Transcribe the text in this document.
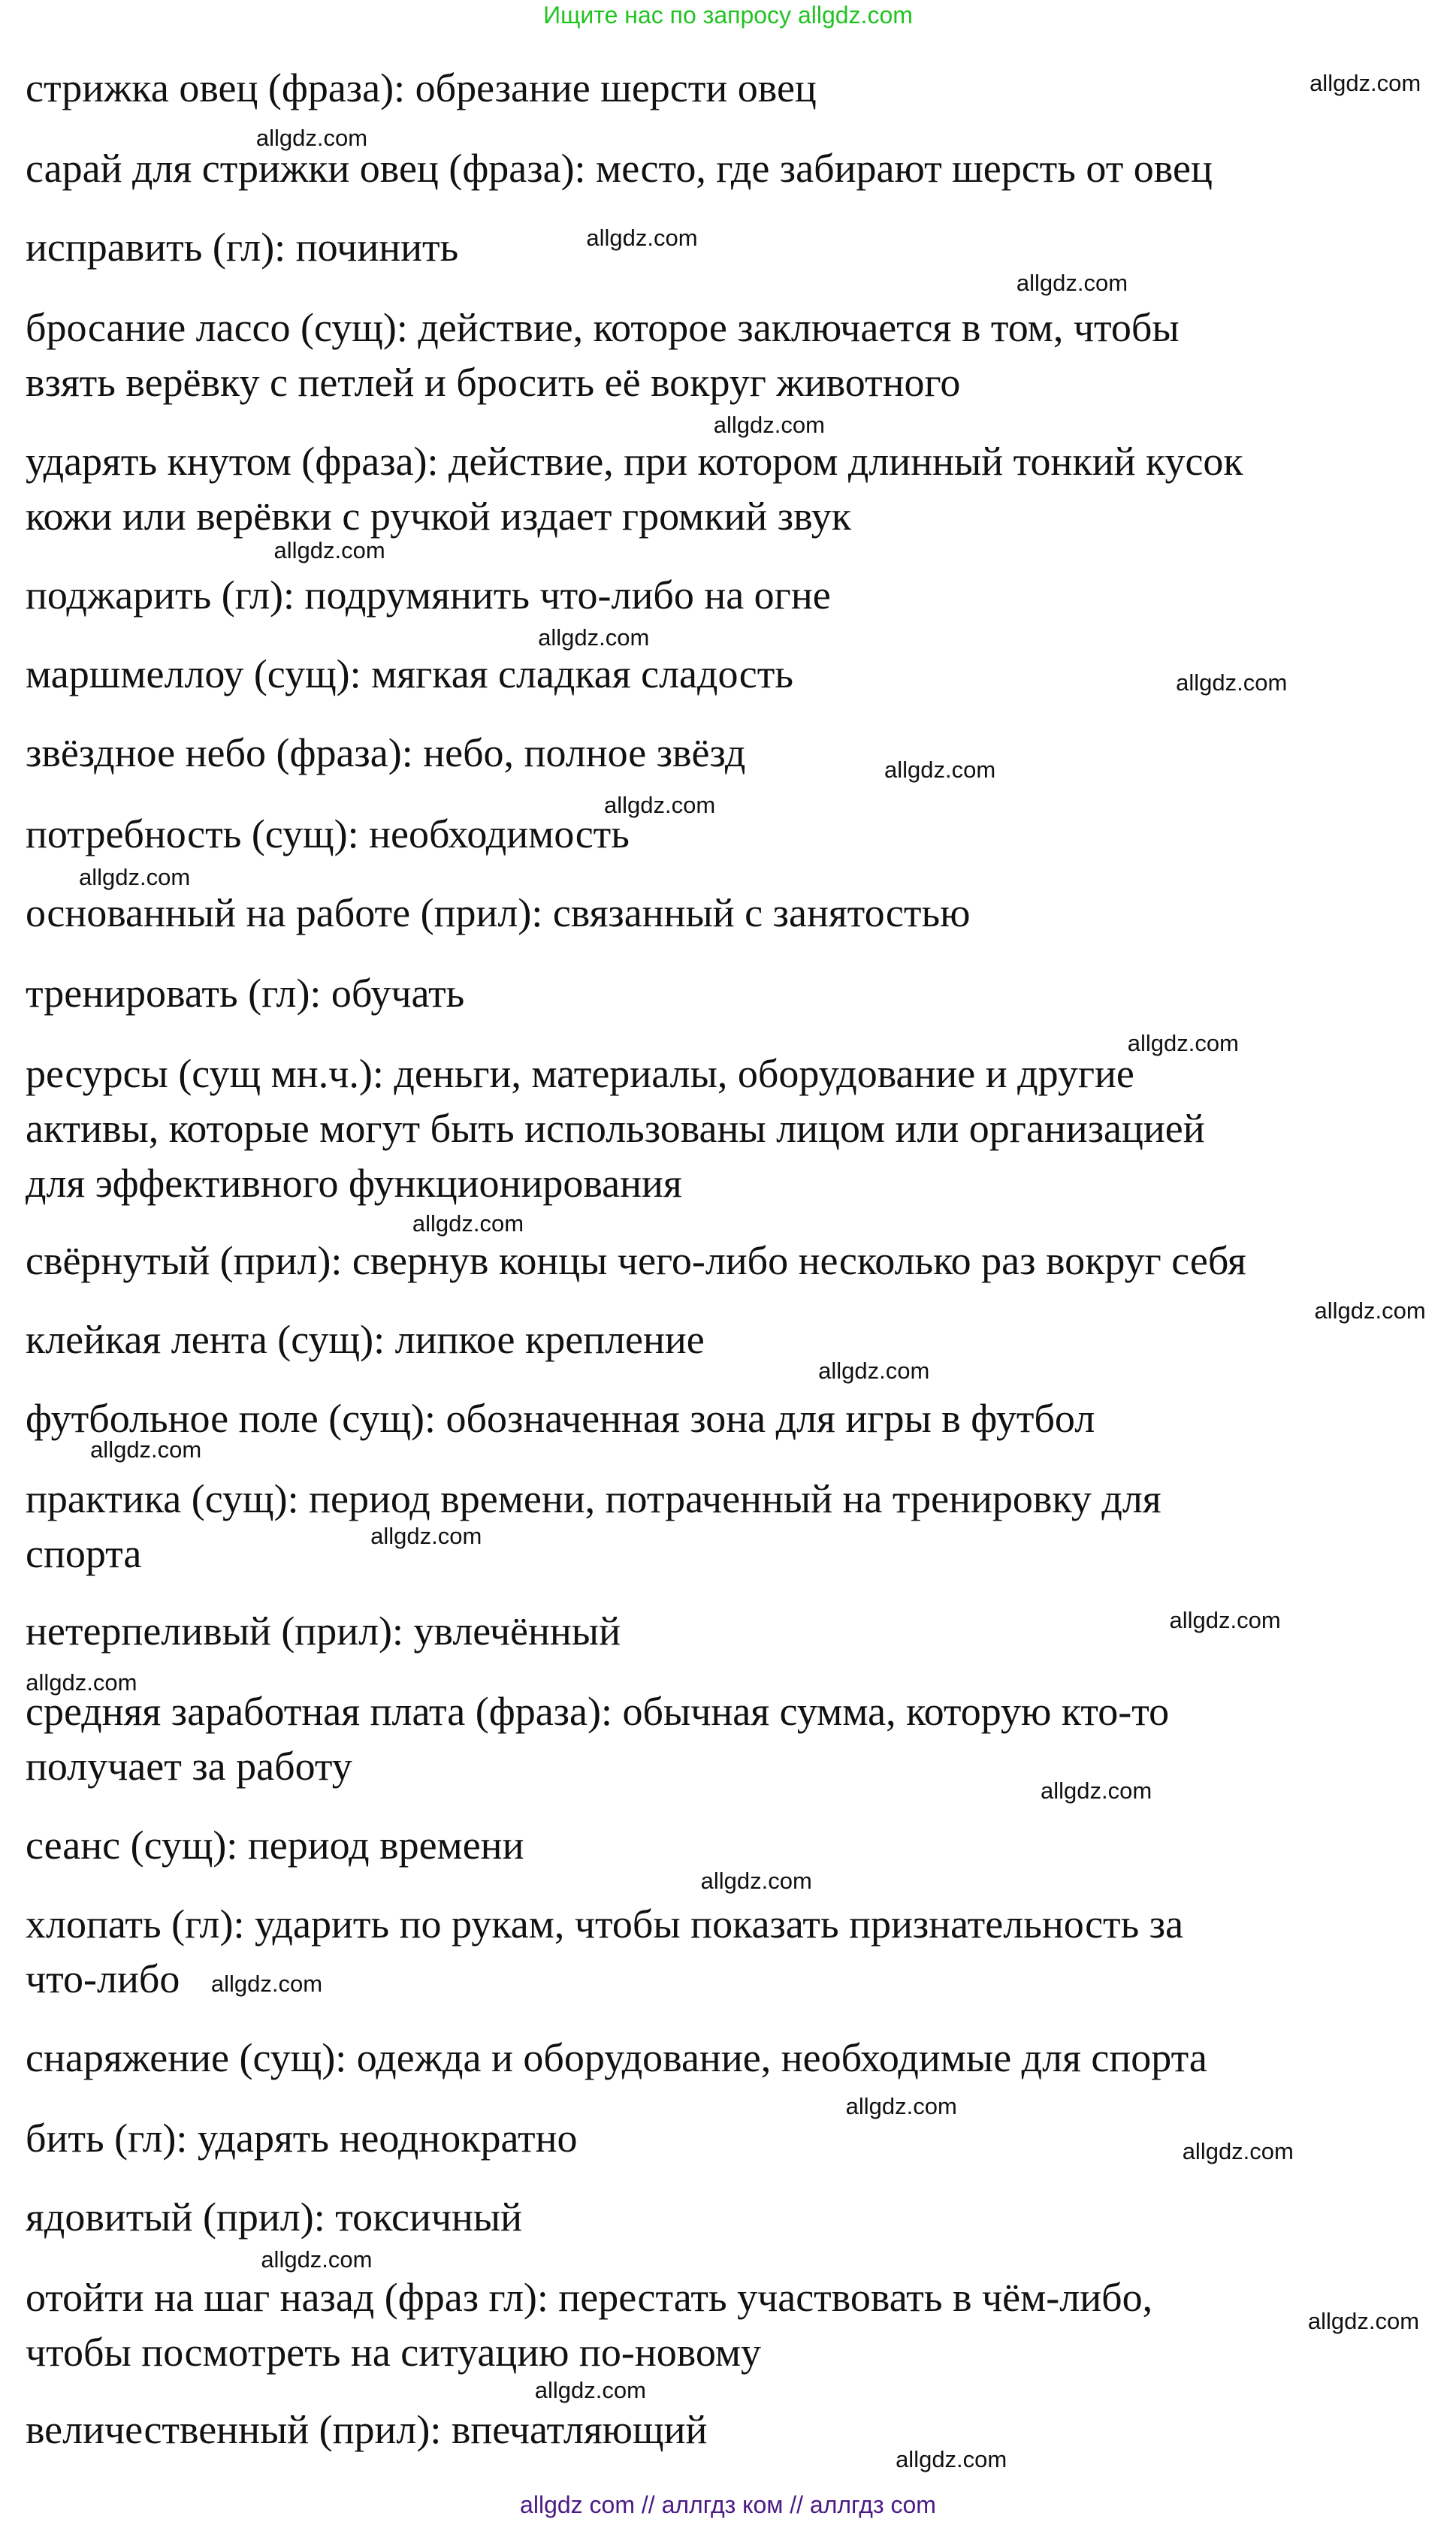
Ищите нас по запросу allgdz.com
стрижка овец (фраза): обрезание шерсти овец
сарай для стрижки овец (фраза): место, где забирают шерсть от овец
исправить (гл): починить
бросание лассо (сущ): действие, которое заключается в том, чтобы
взять верёвку с петлей и бросить её вокруг животного
ударять кнутом (фраза): действие, при котором длинный тонкий кусок
кожи или верёвки с ручкой издает громкий звук
поджарить (гл): подрумянить что-либо на огне
маршмеллоу (сущ): мягкая сладкая сладость
звёздное небо (фраза): небо, полное звёзд
потребность (сущ): необходимость
основанный на работе (прил): связанный с занятостью
тренировать (гл): обучать
ресурсы (сущ мн.ч.): деньги, материалы, оборудование и другие
активы, которые могут быть использованы лицом или организацией
для эффективного функционирования
свёрнутый (прил): свернув концы чего-либо несколько раз вокруг себя
клейкая лента (сущ): липкое крепление
футбольное поле (сущ): обозначенная зона для игры в футбол
практика (сущ): период времени, потраченный на тренировку для
спорта
нетерпеливый (прил): увлечённый
средняя заработная плата (фраза): обычная сумма, которую кто-то
получает за работу
сеанс (сущ): период времени
хлопать (гл): ударить по рукам, чтобы показать признательность за
что-либо
снаряжение (сущ): одежда и оборудование, необходимые для спорта
бить (гл): ударять неоднократно
ядовитый (прил): токсичный
отойти на шаг назад (фраз гл): перестать участвовать в чём-либо,
чтобы посмотреть на ситуацию по-новому
величественный (прил): впечатляющий
allgdz.com
allgdz.com
allgdz.com
allgdz.com
allgdz.com
allgdz.com
allgdz.com
allgdz.com
allgdz.com
allgdz.com
allgdz.com
allgdz.com
allgdz.com
allgdz.com
allgdz.com
allgdz.com
allgdz.com
allgdz.com
allgdz.com
allgdz.com
allgdz.com
allgdz.com
allgdz.com
allgdz.com
allgdz.com
allgdz.com
allgdz.com
allgdz.com
allgdz com // аллгдз ком // аллгдз com
